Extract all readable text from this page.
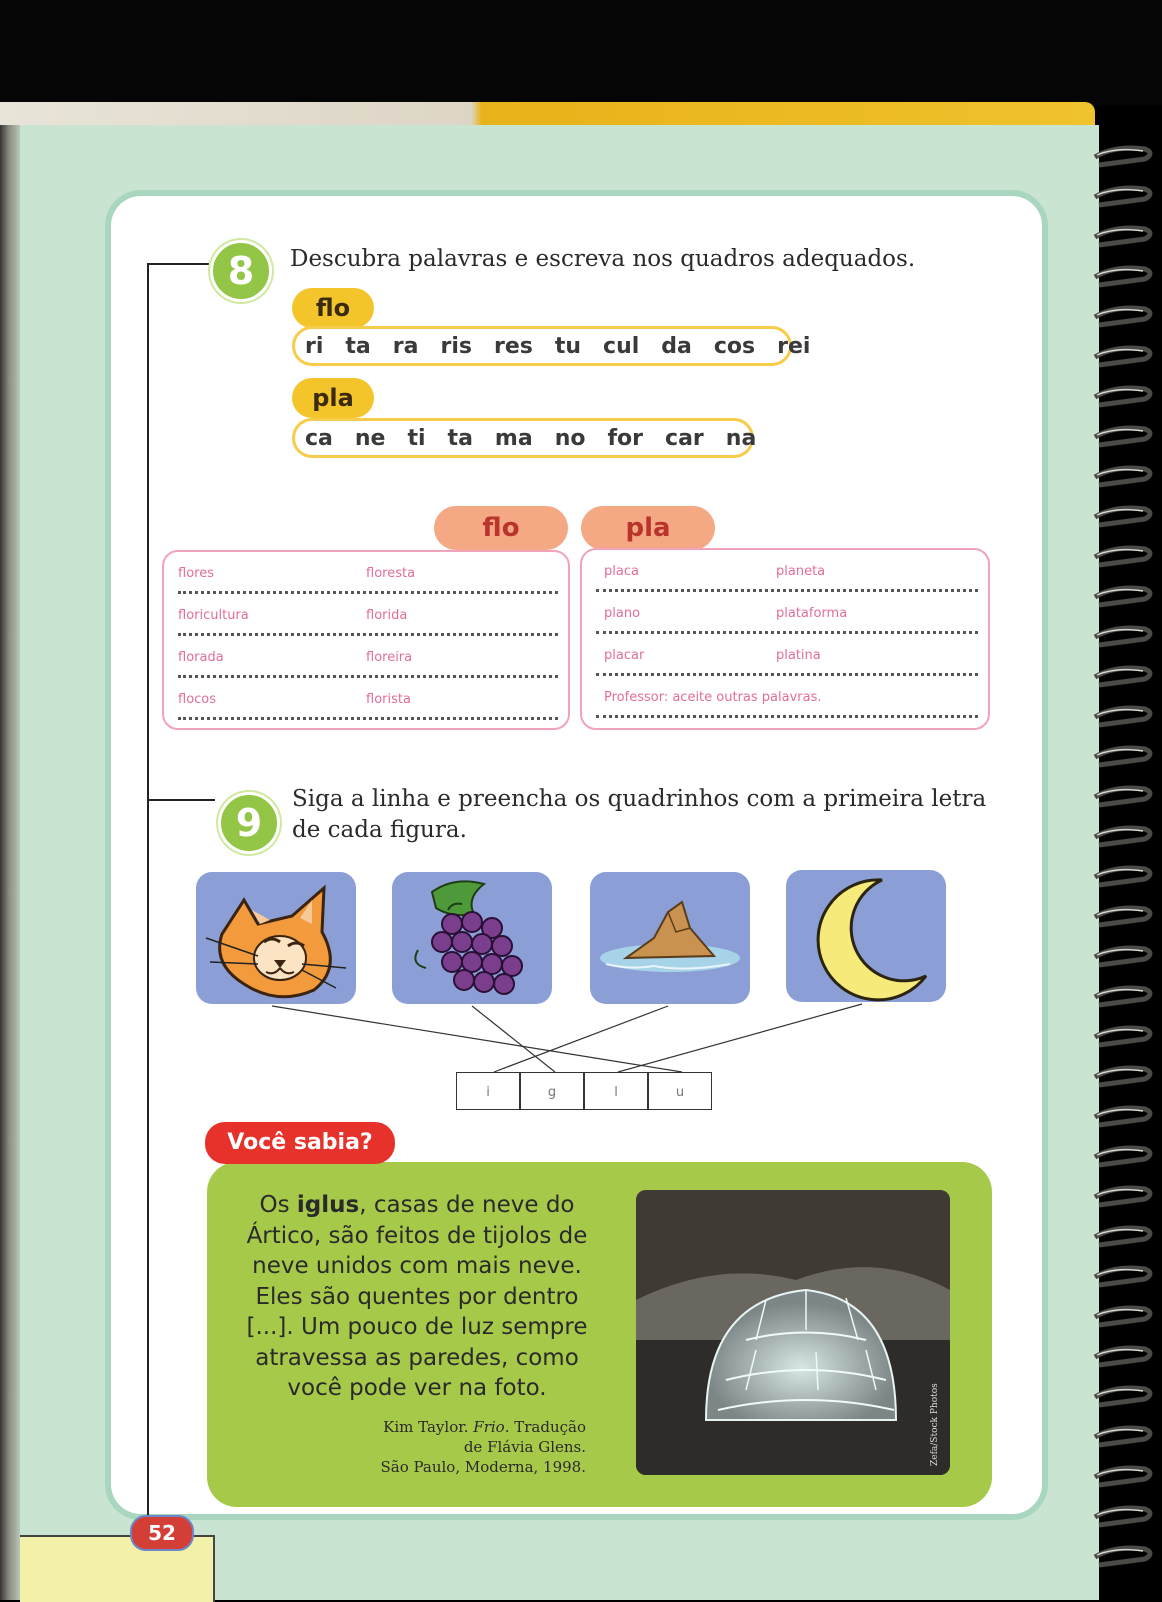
8	Descubra palavras e escreva nos quadros adequados.
flo
ri ta ra ris res tu cul da cos rei
pla
ca ne ti ta ma no for car na
flo	pla
flores	floresta
floricultura	florida
florada	floreira
flocos	florista
placa	planeta
plano	plataforma
placar	platina
Professor: aceite outras palavras.
9
Siga a linha e preencha os quadrinhos com a primeira letra
de cada figura.
i	g	l	u
Você sabia?
Os iglus, casas de neve do Ártico, são feitos de tijolos de neve unidos com mais neve. Eles são quentes por dentro [...]. Um pouco de luz sempre atravessa as paredes, como você pode ver na foto.
Kim Taylor. Frio. Tradução
de Flávia Glens.
São Paulo, Moderna, 1998.
Zefa/Stock Photos
52
